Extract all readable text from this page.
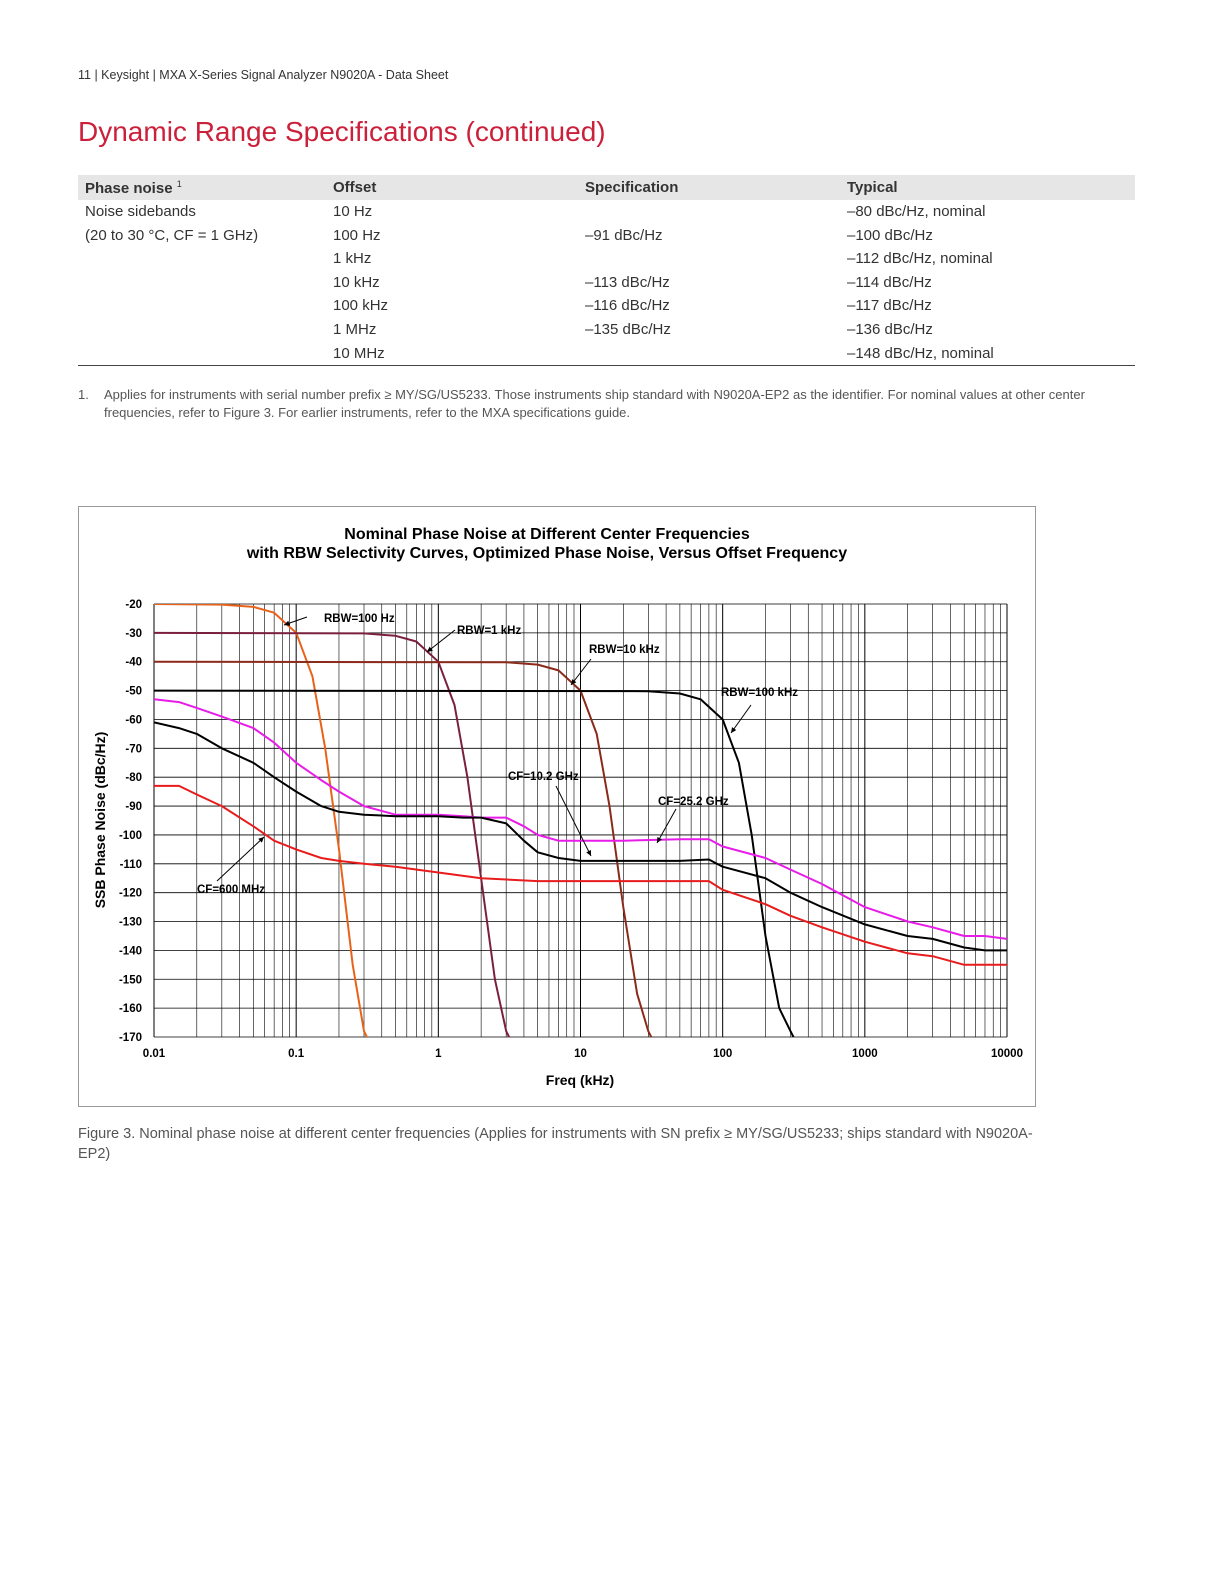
11 | Keysight | MXA X-Series Signal Analyzer N9020A - Data Sheet
Dynamic Range Specifications (continued)
Phase noise $^1$	Offset	Specification	Typical
Noise sidebands	10 Hz		–80 dBc/Hz, nominal
(20 to 30 °C, CF = 1 GHz)	100 Hz	–91 dBc/Hz	–100 dBc/Hz
	1 kHz		–112 dBc/Hz, nominal
	10 kHz	–113 dBc/Hz	–114 dBc/Hz
	100 kHz	–116 dBc/Hz	–117 dBc/Hz
	1 MHz	–135 dBc/Hz	–136 dBc/Hz
	10 MHz		–148 dBc/Hz, nominal
1. Applies for instruments with serial number prefix ≥ MY/SG/US5233. Those instruments ship standard with N9020A-EP2 as the identifier. For nominal values at other center frequencies, refer to Figure 3. For earlier instruments, refer to the MXA specifications guide.
Nominal Phase Noise at Different Center Frequencies
with RBW Selectivity Curves, Optimized Phase Noise, Versus Offset Frequency
SSB Phase Noise (dBc/Hz)
Freq (kHz)
-20
-30
-40
-50
-60
-70
-80
-90
-100
-110
-120
-130
-140
-150
-160
-170
0.01	0.1	1	10	100	1000	10000
RBW=100 Hz
RBW=1 kHz
RBW=10 kHz
RBW=100 kHz
CF=10.2 GHz
CF=25.2 GHz
CF=600 MHz
Figure 3. Nominal phase noise at different center frequencies (Applies for instruments with SN prefix ≥ MY/SG/US5233; ships standard with N9020A-EP2)
